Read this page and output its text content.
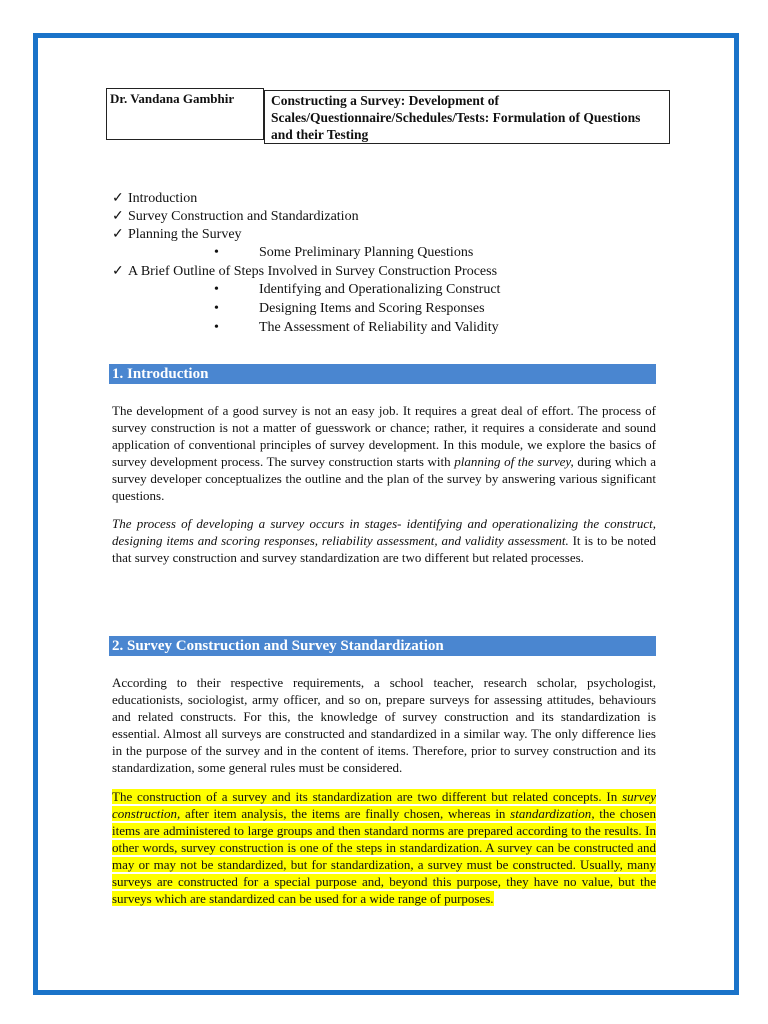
Dr. Vandana Gambhir	Constructing a Survey: Development of Scales/Questionnaire/Schedules/Tests: Formulation of Questions and their Testing
✓ Introduction
✓ Survey Construction and Standardization
✓ Planning the Survey
•	Some Preliminary Planning Questions
✓ A Brief Outline of Steps Involved in Survey Construction Process
•	Identifying and Operationalizing Construct
•	Designing Items and Scoring Responses
•	The Assessment of Reliability and Validity
1. Introduction

The development of a good survey is not an easy job. It requires a great deal of effort. The process of survey construction is not a matter of guesswork or chance; rather, it requires a considerate and sound application of conventional principles of survey development. In this module, we explore the basics of survey development process. The survey construction starts with planning of the survey, during which a survey developer conceptualizes the outline and the plan of the survey by answering various significant questions.

The process of developing a survey occurs in stages- identifying and operationalizing the construct, designing items and scoring responses, reliability assessment, and validity assessment. It is to be noted that survey construction and survey standardization are two different but related processes.

2. Survey Construction and Survey Standardization

According to their respective requirements, a school teacher, research scholar, psychologist, educationists, sociologist, army officer, and so on, prepare surveys for assessing attitudes, behaviours and related constructs. For this, the knowledge of survey construction and its standardization is essential. Almost all surveys are constructed and standardized in a similar way. The only difference lies in the purpose of the survey and in the content of items. Therefore, prior to survey construction and its standardization, some general rules must be considered.

The construction of a survey and its standardization are two different but related concepts. In survey construction, after item analysis, the items are finally chosen, whereas in standardization, the chosen items are administered to large groups and then standard norms are prepared according to the results. In other words, survey construction is one of the steps in standardization. A survey can be constructed and may or may not be standardized, but for standardization, a survey must be constructed. Usually, many surveys are constructed for a special purpose and, beyond this purpose, they have no value, but the surveys which are standardized can be used for a wide range of purposes.
